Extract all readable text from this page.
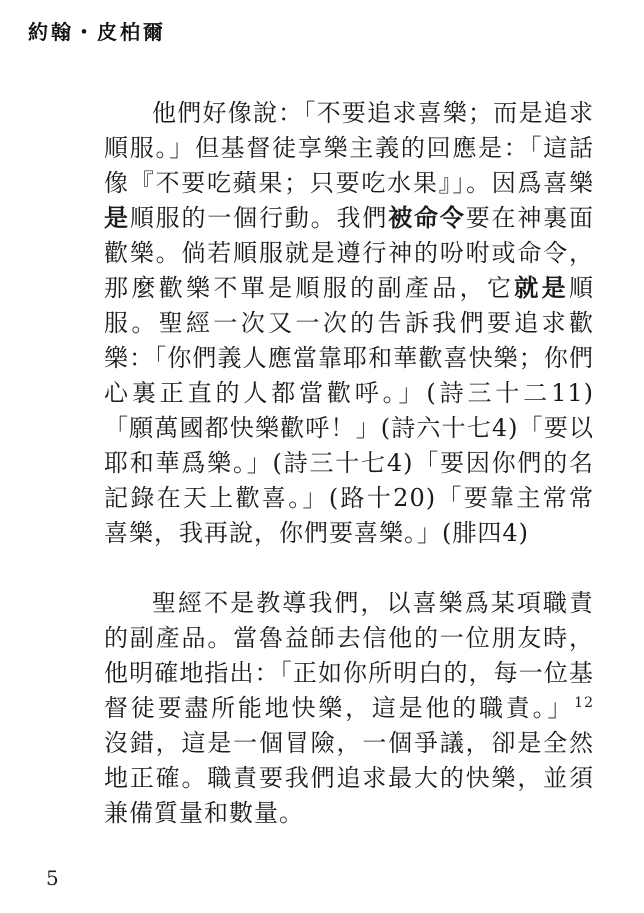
約翰・皮柏爾

他們好像說：「不要追求喜樂；而是追求順服。」但基督徒享樂主義的回應是：「這話像『不要吃蘋果；只要吃水果』」。因爲喜樂是順服的一個行動。我們被命令要在神裏面歡樂。倘若順服就是遵行神的吩咐或命令，那麼歡樂不單是順服的副產品，它就是順服。聖經一次又一次的告訴我們要追求歡樂：「你們義人應當靠耶和華歡喜快樂；你們心裏正直的人都當歡呼。」(詩三十二11)「願萬國都快樂歡呼！」(詩六十七4)「要以耶和華爲樂。」(詩三十七4)「要因你們的名記錄在天上歡喜。」(路十20)「要靠主常常喜樂，我再說，你們要喜樂。」(腓四4)

聖經不是教導我們，以喜樂爲某項職責的副產品。當魯益師去信他的一位朋友時，他明確地指出：「正如你所明白的，每一位基督徒要盡所能地快樂，這是他的職責。」$^{12}$ 沒錯，這是一個冒險，一個爭議，卻是全然地正確。職責要我們追求最大的快樂，並須兼備質量和數量。

5
